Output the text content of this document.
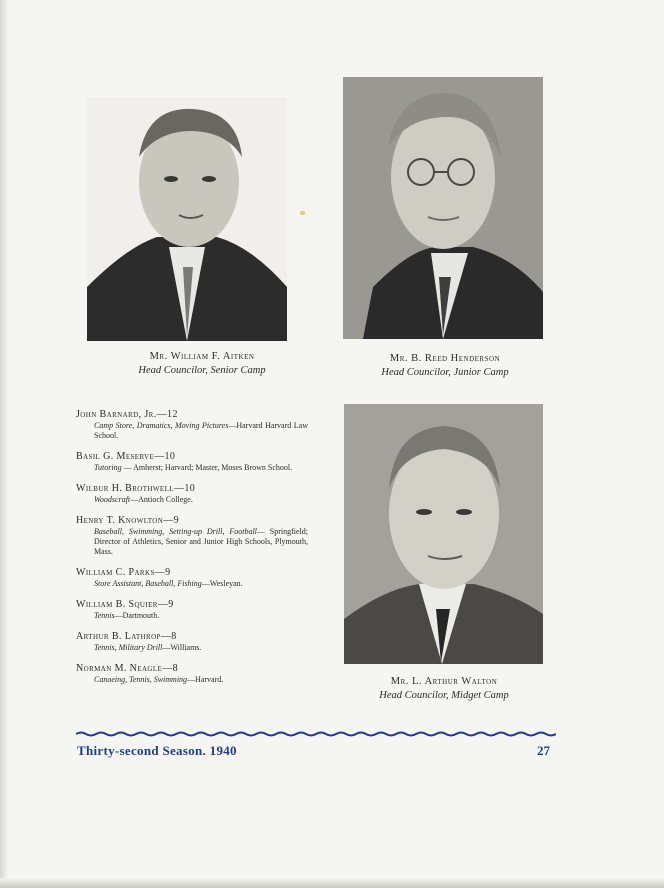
Mr. William F. Aitken
Head Councilor, Senior Camp
Mr. B. Reed Henderson
Head Councilor, Junior Camp
Mr. L. Arthur Walton
Head Councilor, Midget Camp
John Barnard, Jr.—12
Camp Store, Dramatics, Moving Pictures—Harvard Harvard Law School.
Basil G. Meserve—10
Tutoring — Amherst; Harvard; Master, Moses Brown School.
Wilbur H. Brothwell—10
Woodscraft—Antioch College.
Henry T. Knowlton—9
Baseball, Swimming, Setting-up Drill, Football— Springfield; Director of Athletics, Senior and Junior High Schools, Plymouth, Mass.
William C. Parks—9
Store Assistant, Baseball, Fishing—Wesleyan.
William B. Squier—9
Tennis—Dartmouth.
Arthur B. Lathrop—8
Tennis, Military Drill—Williams.
Norman M. Neagle—8
Canoeing, Tennis, Swimming—Harvard.
Thirty-second Season. 1940	27
